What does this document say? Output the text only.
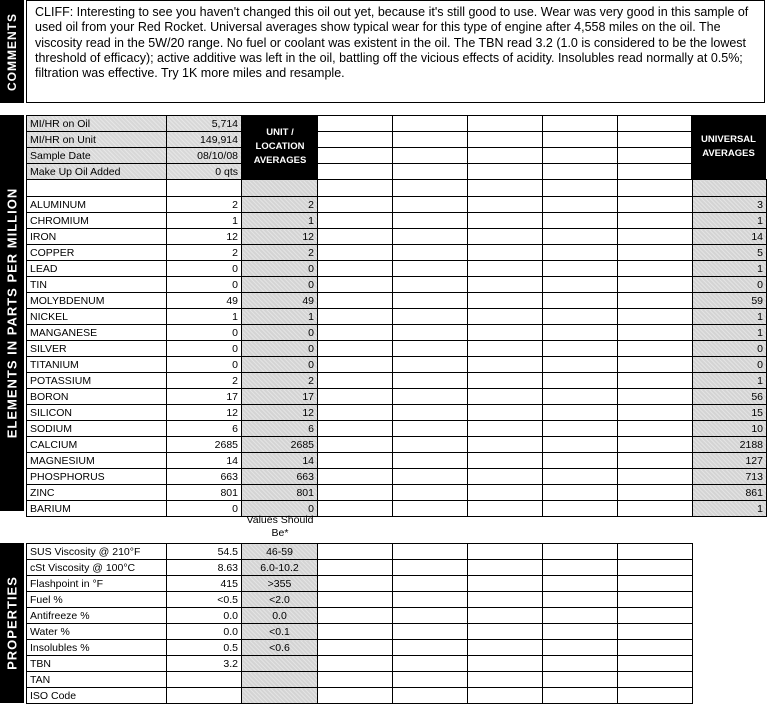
COMMENTS
CLIFF: Interesting to see you haven't changed this oil out yet, because it's still good to use. Wear was very good in this sample of used oil from your Red Rocket. Universal averages show typical wear for this type of engine after 4,558 miles on the oil. The viscosity read in the 5W/20 range. No fuel or coolant was existent in the oil. The TBN read 3.2 (1.0 is considered to be the lowest threshold of efficacy); active additive was left in the oil, battling off the vicious effects of acidity. Insolubles read normally at 0.5%; filtration was effective. Try 1K more miles and resample.
ELEMENTS IN PARTS PER MILLION
MI/HR on Oil	5,714							
MI/HR on Unit	149,914							
Sample Date	08/10/08							
Make Up Oil Added	0 qts							

ALUMINUM	2	2						3
CHROMIUM	1	1						1
IRON	12	12						14
COPPER	2	2						5
LEAD	0	0						1
TIN	0	0						0
MOLYBDENUM	49	49						59
NICKEL	1	1						1
MANGANESE	0	0						1
SILVER	0	0						0
TITANIUM	0	0						0
POTASSIUM	2	2						1
BORON	17	17						56
SILICON	12	12						15
SODIUM	6	6						10
CALCIUM	2685	2685						2188
MAGNESIUM	14	14						127
PHOSPHORUS	663	663						713
ZINC	801	801						861
BARIUM	0	0						1
UNIT / LOCATION AVERAGES
UNIVERSAL AVERAGES
Values Should Be*
PROPERTIES
SUS Viscosity @ 210°F	54.5	46-59					
cSt Viscosity @ 100°C	8.63	6.0-10.2					
Flashpoint in °F	415	>355					
Fuel %	<0.5	<2.0					
Antifreeze %	0.0	0.0					
Water %	0.0	<0.1					
Insolubles %	0.5	<0.6					
TBN	3.2						
TAN							
ISO Code							
